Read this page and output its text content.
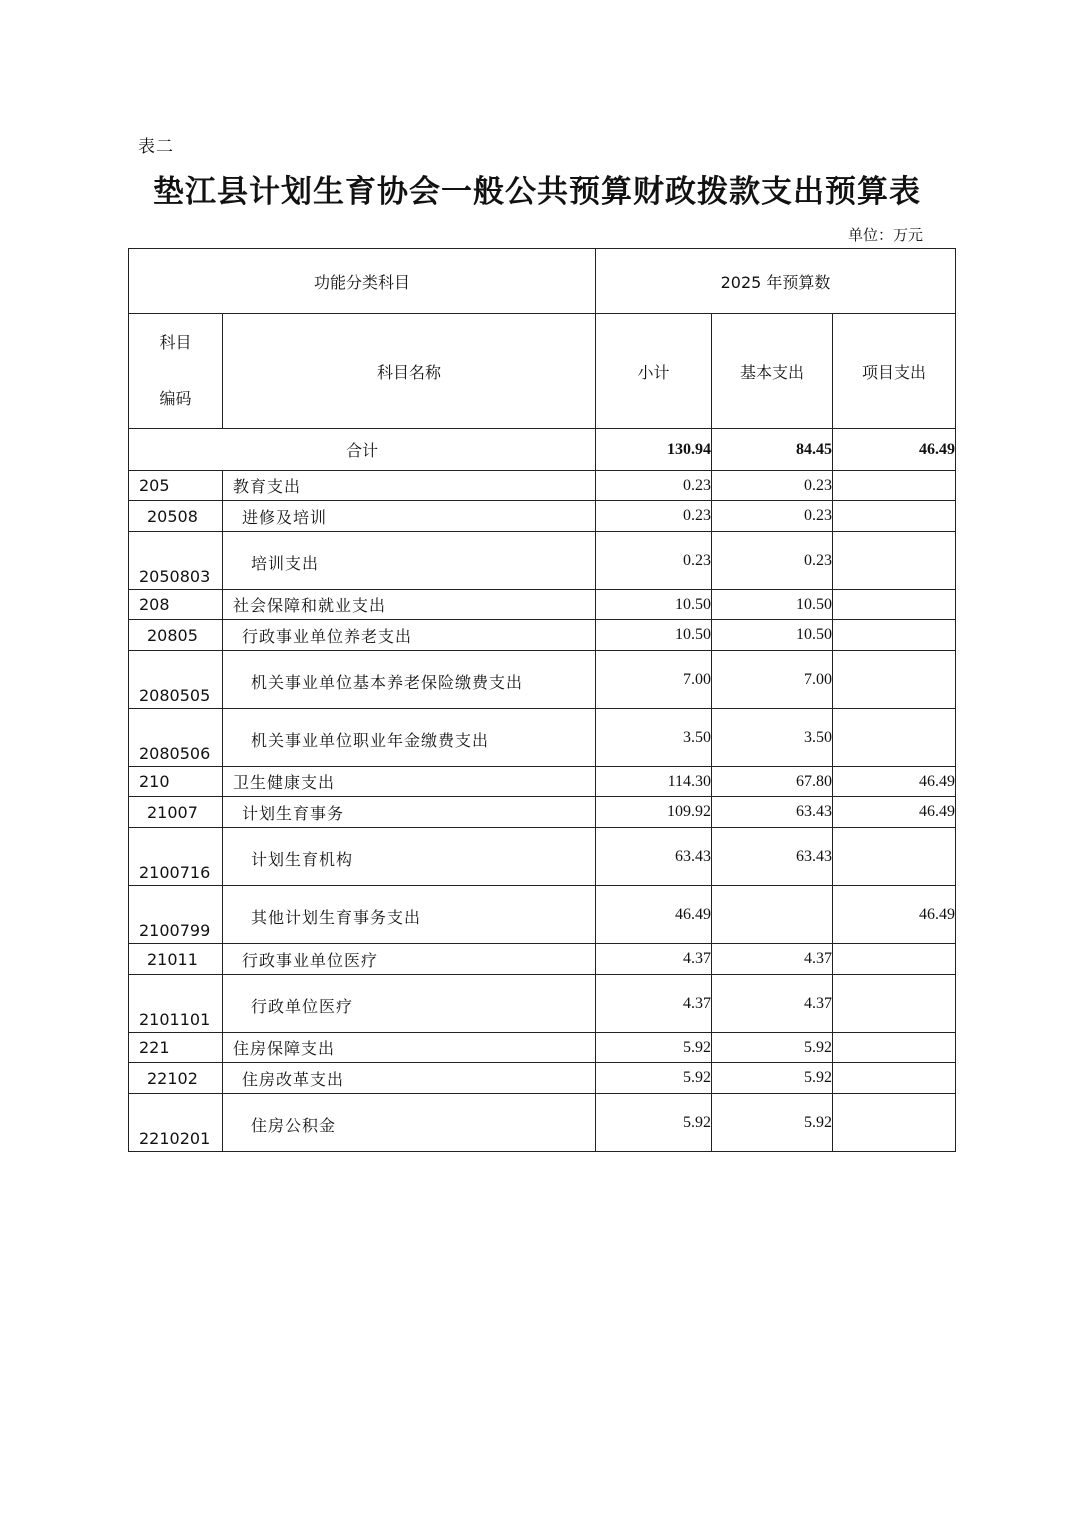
表二
垫江县计划生育协会一般公共预算财政拨款支出预算表
单位：万元
功能分类科目		2025 年预算数		

科目
编码	科目名称	小计	基本支出	项目支出
合计		130.94	84.45	46.49
205	教育支出	0.23	0.23	
20508	进修及培训	0.23	0.23	
2050803	培训支出	0.23	0.23	
208	社会保障和就业支出	10.50	10.50	
20805	行政事业单位养老支出	10.50	10.50	
2080505	机关事业单位基本养老保险缴费支出	7.00	7.00	
2080506	机关事业单位职业年金缴费支出	3.50	3.50	
210	卫生健康支出	114.30	67.80	46.49
21007	计划生育事务	109.92	63.43	46.49
2100716	计划生育机构	63.43	63.43	
2100799	其他计划生育事务支出	46.49		46.49
21011	行政事业单位医疗	4.37	4.37	
2101101	行政单位医疗	4.37	4.37	
221	住房保障支出	5.92	5.92	
22102	住房改革支出	5.92	5.92	
2210201	住房公积金	5.92	5.92	
